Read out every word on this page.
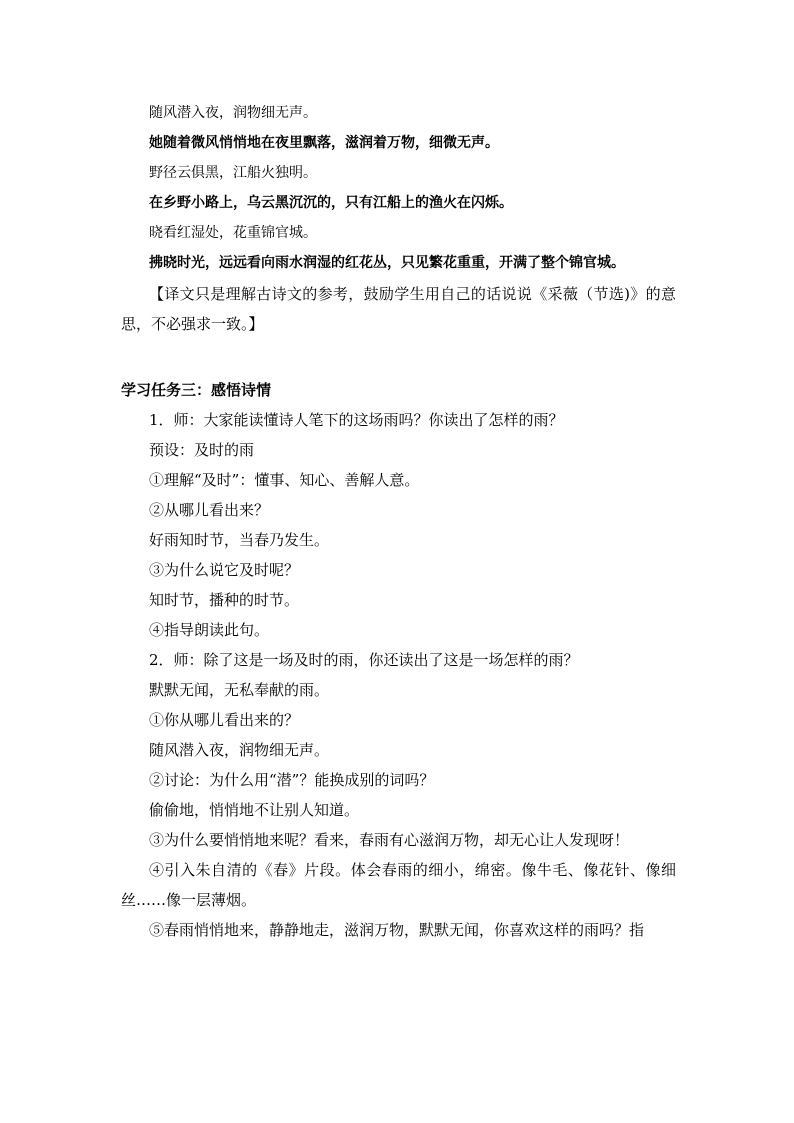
随风潜入夜，润物细无声。

她随着微风悄悄地在夜里飘落，滋润着万物，细微无声。

野径云俱黑，江船火独明。

在乡野小路上，乌云黑沉沉的，只有江船上的渔火在闪烁。

晓看红湿处，花重锦官城。

拂晓时光，远远看向雨水润湿的红花丛，只见繁花重重，开满了整个锦官城。

【译文只是理解古诗文的参考，鼓励学生用自己的话说说《采薇（节选)》的意思，不必强求一致。】

学习任务三：感悟诗情

1．师：大家能读懂诗人笔下的这场雨吗？你读出了怎样的雨？

预设：及时的雨

①理解“及时”：懂事、知心、善解人意。

②从哪儿看出来？

好雨知时节，当春乃发生。

③为什么说它及时呢？

知时节，播种的时节。

④指导朗读此句。

2．师：除了这是一场及时的雨，你还读出了这是一场怎样的雨？

默默无闻，无私奉献的雨。

①你从哪儿看出来的？

随风潜入夜，润物细无声。

②讨论：为什么用“潜”？能换成别的词吗？

偷偷地，悄悄地不让别人知道。

③为什么要悄悄地来呢？看来，春雨有心滋润万物，却无心让人发现呀！

④引入朱自清的《春》片段。体会春雨的细小，绵密。像牛毛、像花针、像细丝……像一层薄烟。

⑤春雨悄悄地来，静静地走，滋润万物，默默无闻，你喜欢这样的雨吗？指
